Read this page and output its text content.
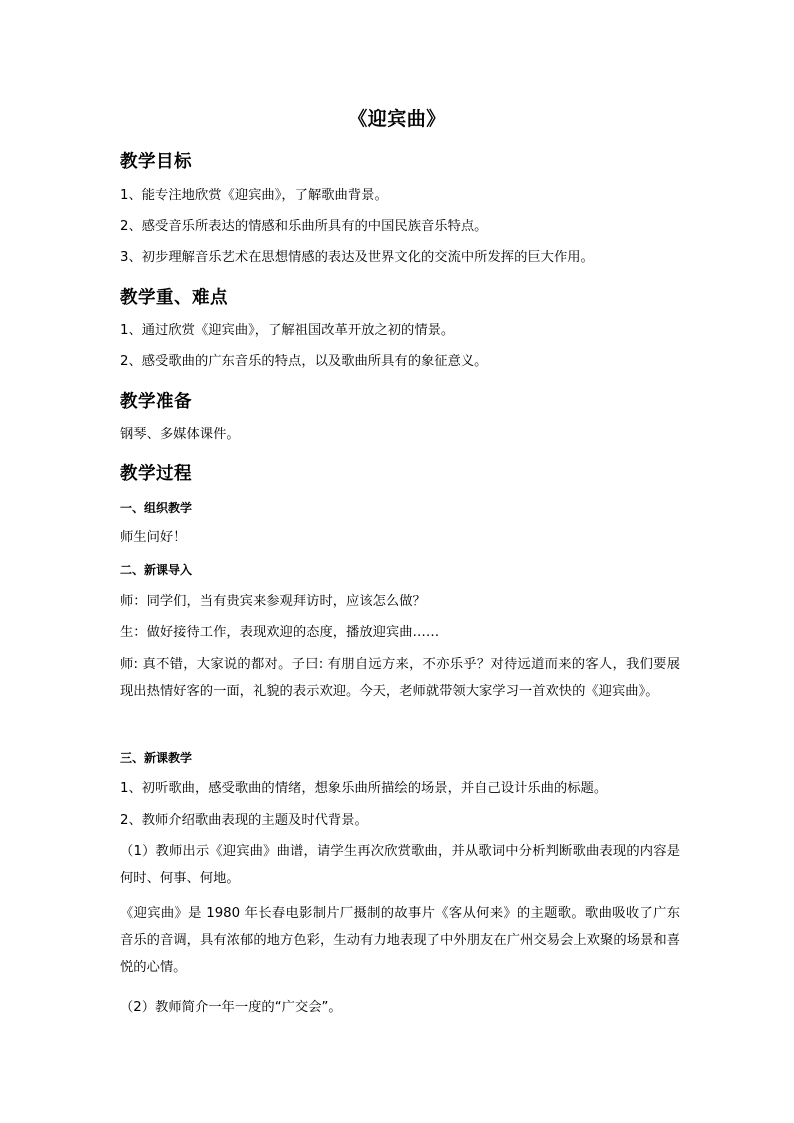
《迎宾曲》
教学目标
1、能专注地欣赏《迎宾曲》，了解歌曲背景。
2、感受音乐所表达的情感和乐曲所具有的中国民族音乐特点。
3、初步理解音乐艺术在思想情感的表达及世界文化的交流中所发挥的巨大作用。
教学重、难点
1、通过欣赏《迎宾曲》，了解祖国改革开放之初的情景。
2、感受歌曲的广东音乐的特点，以及歌曲所具有的象征意义。
教学准备
钢琴、多媒体课件。
教学过程
一、组织教学
师生问好！
二、新课导入
师：同学们，当有贵宾来参观拜访时，应该怎么做？
生：做好接待工作，表现欢迎的态度，播放迎宾曲……
师: 真不错，大家说的都对。子曰: 有朋自远方来，不亦乐乎？对待远道而来的客人，我们要展现出热情好客的一面，礼貌的表示欢迎。今天，老师就带领大家学习一首欢快的《迎宾曲》。
三、新课教学
1、初听歌曲，感受歌曲的情绪，想象乐曲所描绘的场景，并自己设计乐曲的标题。
2、教师介绍歌曲表现的主题及时代背景。
（1）教师出示《迎宾曲》曲谱，请学生再次欣赏歌曲，并从歌词中分析判断歌曲表现的内容是何时、何事、何地。
《迎宾曲》是 1980 年长春电影制片厂摄制的故事片《客从何来》的主题歌。歌曲吸收了广东音乐的音调，具有浓郁的地方色彩，生动有力地表现了中外朋友在广州交易会上欢聚的场景和喜悦的心情。
（2）教师简介一年一度的“广交会”。
